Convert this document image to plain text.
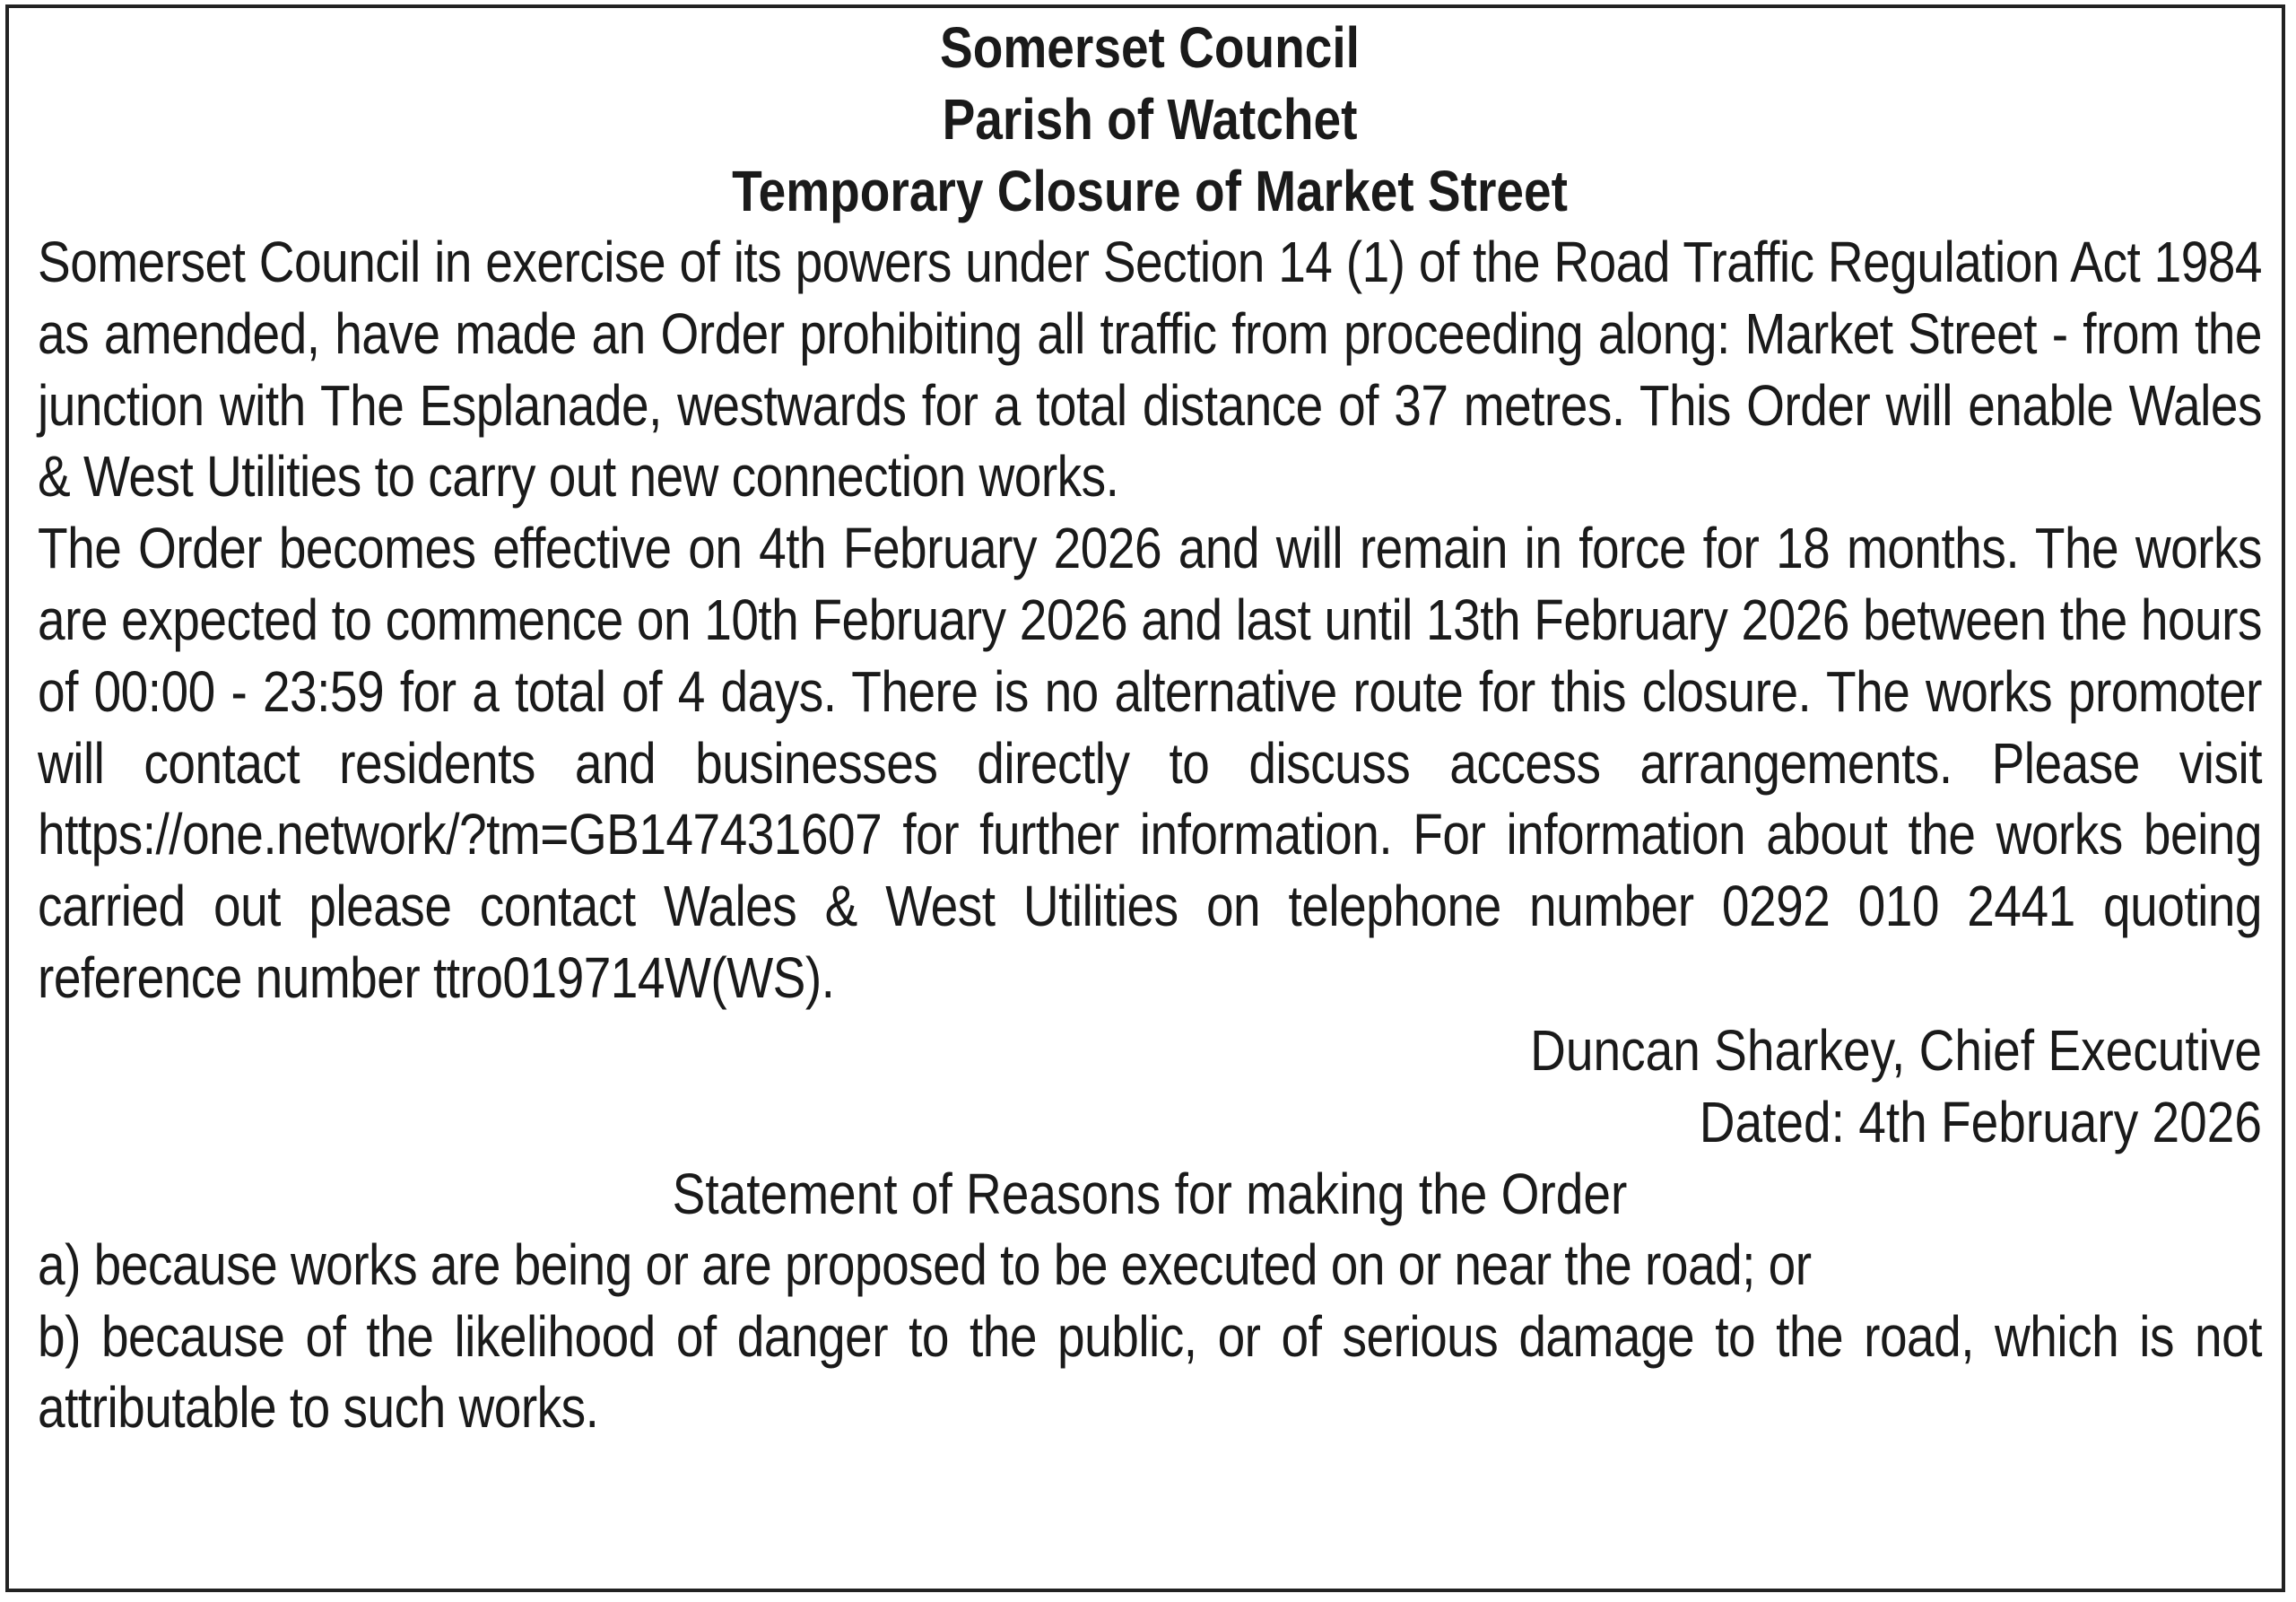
Somerset Council
Parish of Watchet
Temporary Closure of Market Street
Somerset Council in exercise of its powers under Section 14 (1) of the Road Traffic Regulation Act 1984 as amended, have made an Order prohibiting all traffic from proceeding along: Market Street - from the junction with The Esplanade, westwards for a total distance of 37 metres. This Order will enable Wales & West Utilities to carry out new connection works.
The Order becomes effective on 4th February 2026 and will remain in force for 18 months. The works are expected to commence on 10th February 2026 and last until 13th February 2026 between the hours of 00:00 - 23:59 for a total of 4 days. There is no alternative route for this closure. The works promoter will contact residents and businesses directly to discuss access arrangements. Please visit https://one.network/?tm=GB147431607 for further information. For information about the works being carried out please contact Wales & West Utilities on telephone number 0292 010 2441 quoting reference number ttro019714W(WS).
Duncan Sharkey, Chief Executive
Dated: 4th February 2026
Statement of Reasons for making the Order
a) because works are being or are proposed to be executed on or near the road; or
b) because of the likelihood of danger to the public, or of serious damage to the road, which is not attributable to such works.
